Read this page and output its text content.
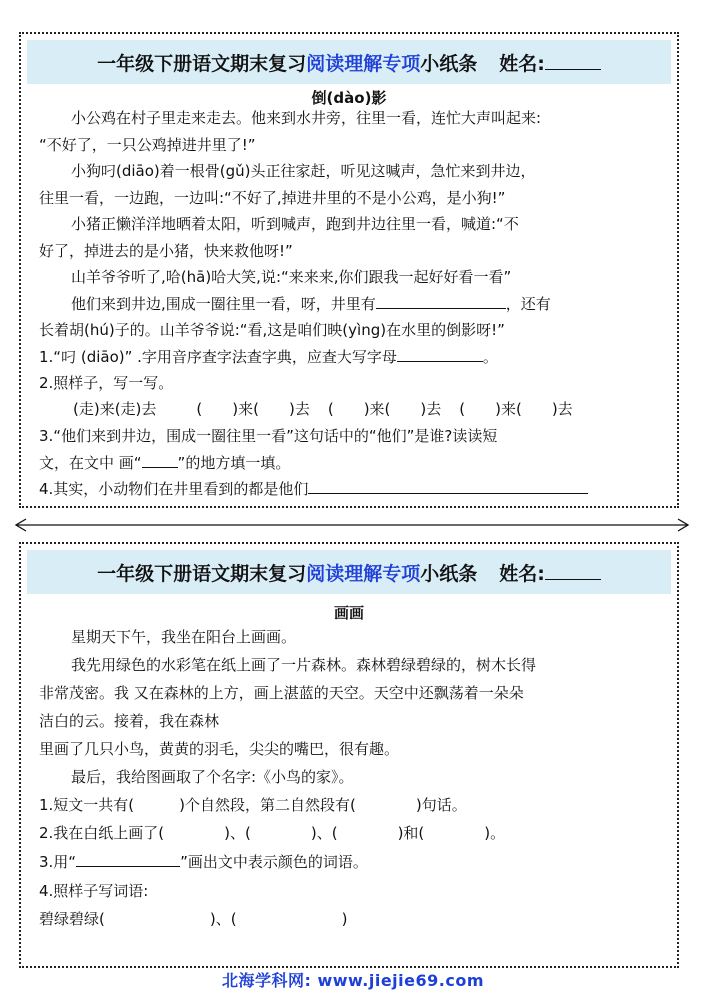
一年级下册语文期末复习阅读理解专项小纸条 姓名:
倒(dào)影
小公鸡在村子里走来走去。他来到水井旁，往里一看，连忙大声叫起来:
“不好了，一只公鸡掉进井里了!”
小狗叼(diāo)着一根骨(gǔ)头正往家赶，听见这喊声，急忙来到井边，
往里一看，一边跑，一边叫:“不好了,掉进井里的不是小公鸡，是小狗!”
小猪正懒洋洋地晒着太阳，听到喊声，跑到井边往里一看，喊道:“不
好了，掉进去的是小猪，快来救他呀!”
山羊爷爷听了,哈(hā)哈大笑,说:“来来来,你们跟我一起好好看一看”
他们来到井边,围成一圈往里一看，呀，井里有	，还有
长着胡(hú)子的。山羊爷爷说:“看,这是咱们映(yìng)在水里的倒影呀!”
1.“叼 (diāo)” .字用音序查字法查字典，应查大写字母	。
2.照样子，写一写。
(走)来(走)去	(　　)来(　　)去 (　　)来(　　)去 (　　)来(　　)去
3.“他们来到井边，围成一圈往里一看”这句话中的“他们”是谁?读读短
文，在文中 画“ ”的地方填一填。
4.其实，小动物们在井里看到的都是他们
一年级下册语文期末复习阅读理解专项小纸条 姓名:
画画
星期天下午，我坐在阳台上画画。
我先用绿色的水彩笔在纸上画了一片森林。森林碧绿碧绿的，树木长得
非常茂密。我 又在森林的上方，画上湛蓝的天空。天空中还飘荡着一朵朵
洁白的云。接着，我在森林
里画了几只小鸟，黄黄的羽毛，尖尖的嘴巴，很有趣。
最后，我给图画取了个名字:《小鸟的家》。
1.短文一共有(　　　)个自然段，第二自然段有(　　　　)句话。
2.我在白纸上画了(　　　　)、(　　　　)、(　　　　)和(　　　　)。
3.用“	”画出文中表示颜色的词语。
4.照样子写词语:
碧绿碧绿(　　　　　　　)、(　　　　　　　)
北海学科网: www.jiejie69.com
